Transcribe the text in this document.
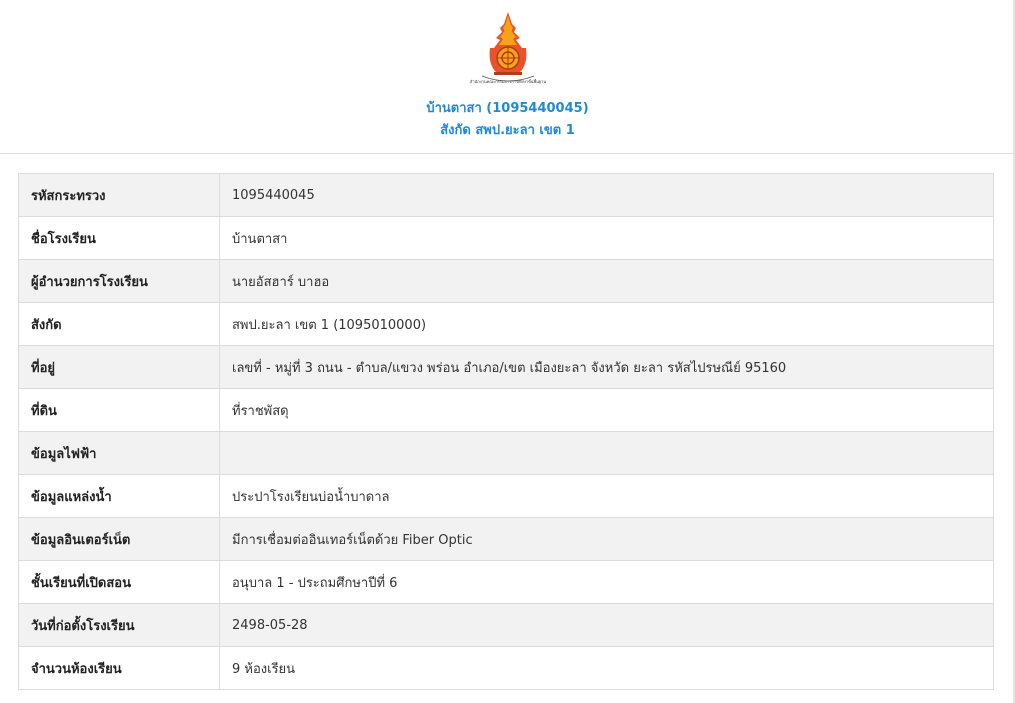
สำนักงานคณะกรรมการการศึกษาขั้นพื้นฐาน
บ้านตาสา (1095440045)
สังกัด สพป.ยะลา เขต 1
รหัสกระทรวง	1095440045
ชื่อโรงเรียน	บ้านตาสา
ผู้อำนวยการโรงเรียน	นายอัสฮาร์ บาฮอ
สังกัด	สพป.ยะลา เขต 1 (1095010000)
ที่อยู่	เลขที่ - หมู่ที่ 3 ถนน - ตำบล/แขวง พร่อน อำเภอ/เขต เมืองยะลา จังหวัด ยะลา รหัสไปรษณีย์ 95160
ที่ดิน	ที่ราชพัสดุ
ข้อมูลไฟฟ้า	
ข้อมูลแหล่งน้ำ	ประปาโรงเรียนบ่อน้ำบาดาล
ข้อมูลอินเตอร์เน็ต	มีการเชื่อมต่ออินเทอร์เน็ตด้วย Fiber Optic
ชั้นเรียนที่เปิดสอน	อนุบาล 1 - ประถมศึกษาปีที่ 6
วันที่ก่อตั้งโรงเรียน	2498-05-28
จำนวนห้องเรียน	9 ห้องเรียน
